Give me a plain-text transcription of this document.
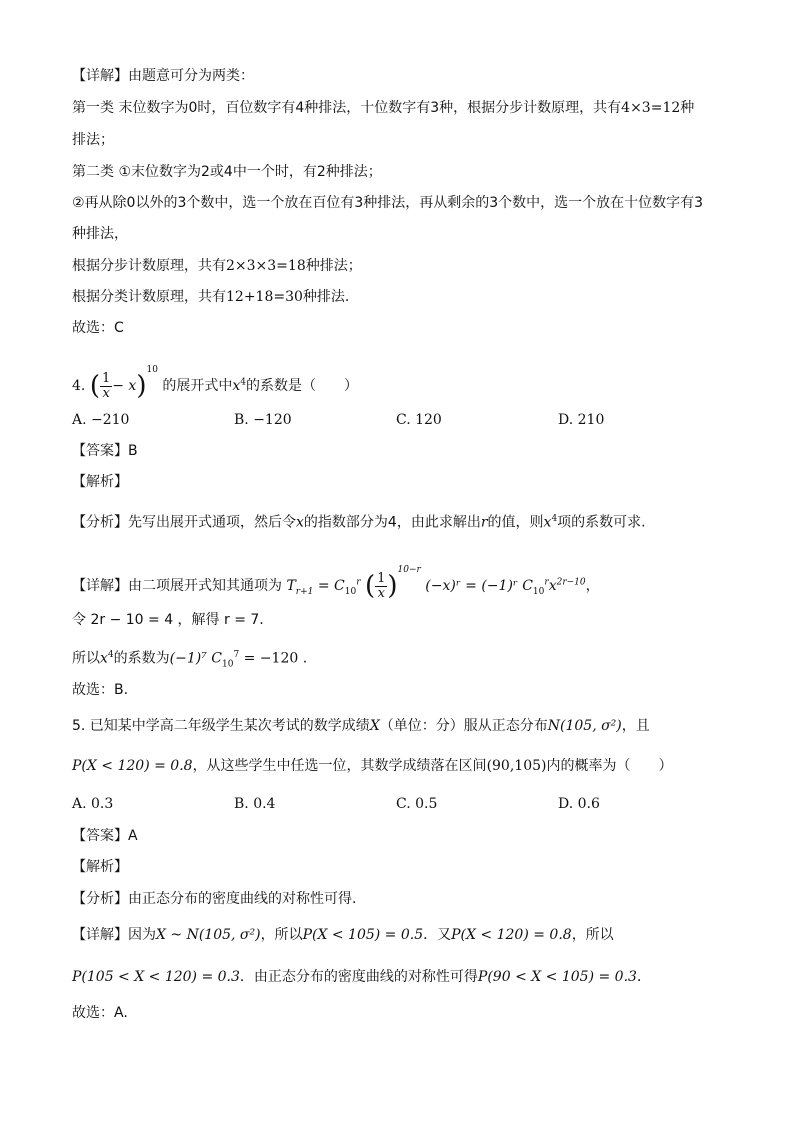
【详解】由题意可分为两类：
第一类 末位数字为0时，百位数字有4种排法，十位数字有3种，根据分步计数原理，共有4×3=12种
排法；
第二类 ①末位数字为2或4中一个时，有2种排法；
②再从除0以外的3个数中，选一个放在百位有3种排法，再从剩余的3个数中，选一个放在十位数字有3
种排法，
根据分步计数原理，共有2×3×3=18种排法；
根据分类计数原理，共有12+18=30种排法.
故选：C
4. ( $\frac{1}{x} - x)^{10}$ 的展开式中$x^4$的系数是（　　）
A. −210	B. −120	C. 120	D. 210
【答案】B
【解析】
【分析】先写出展开式通项，然后令x的指数部分为4，由此求解出r的值，则$x^4$项的系数可求.
【详解】由二项展开式知其通项为 $T_{r+1} = C_{10}^r$ ( $\frac{1}{x} )^{10-r}$ (−x)ʳ = (−1)ʳ $C_{10}^rx^{2r-10}$，
令 2r − 10 = 4 ，解得 r = 7.
所以$x^4$的系数为(−1)⁷ $C_{10}^7 = -120$ .
故选：B.
5. 已知某中学高二年级学生某次考试的数学成绩X（单位：分）服从正态分布N(105, σ²)，且
P(X < 120) = 0.8，从这些学生中任选一位，其数学成绩落在区间(90,105)内的概率为（　　）
A. 0.3	B. 0.4	C. 0.5	D. 0.6
【答案】A
【解析】
【分析】由正态分布的密度曲线的对称性可得.
【详解】因为X ~ N(105, σ²)，所以P(X < 105) = 0.5．又P(X < 120) = 0.8，所以
P(105 < X < 120) = 0.3．由正态分布的密度曲线的对称性可得P(90 < X < 105) = 0.3．
故选：A.
